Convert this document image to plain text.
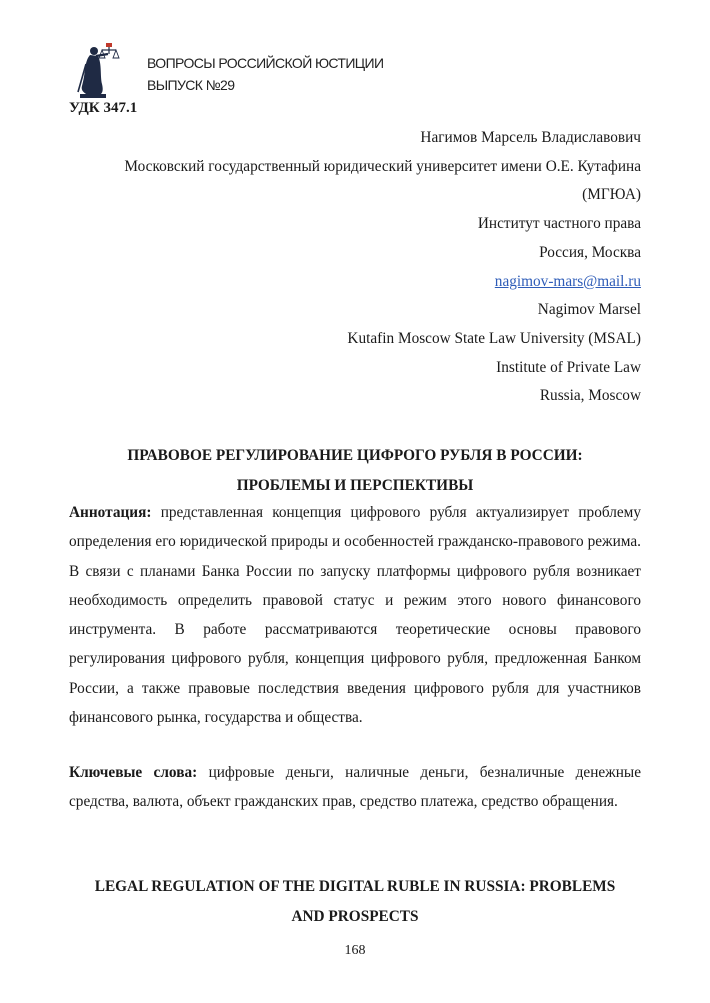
ВОПРОСЫ РОССИЙСКОЙ ЮСТИЦИИ
ВЫПУСК №29
УДК 347.1
Нагимов Марсель Владиславович
Московский государственный юридический университет имени О.Е. Кутафина
(МГЮА)
Институт частного права
Россия, Москва
nagimov-mars@mail.ru
Nagimov Marsel
Kutafin Moscow State Law University (MSAL)
Institute of Private Law
Russia, Moscow
ПРАВОВОЕ РЕГУЛИРОВАНИЕ ЦИФРОГО РУБЛЯ В РОССИИ:
ПРОБЛЕМЫ И ПЕРСПЕКТИВЫ
Аннотация: представленная концепция цифрового рубля актуализирует проблему определения его юридической природы и особенностей гражданско-правового режима. В связи с планами Банка России по запуску платформы цифрового рубля возникает необходимость определить правовой статус и режим этого нового финансового инструмента. В работе рассматриваются теоретические основы правового регулирования цифрового рубля, концепция цифрового рубля, предложенная Банком России, а также правовые последствия введения цифрового рубля для участников финансового рынка, государства и общества.
Ключевые слова: цифровые деньги, наличные деньги, безналичные денежные средства, валюта, объект гражданских прав, средство платежа, средство обращения.
LEGAL REGULATION OF THE DIGITAL RUBLE IN RUSSIA: PROBLEMS
AND PROSPECTS
168
